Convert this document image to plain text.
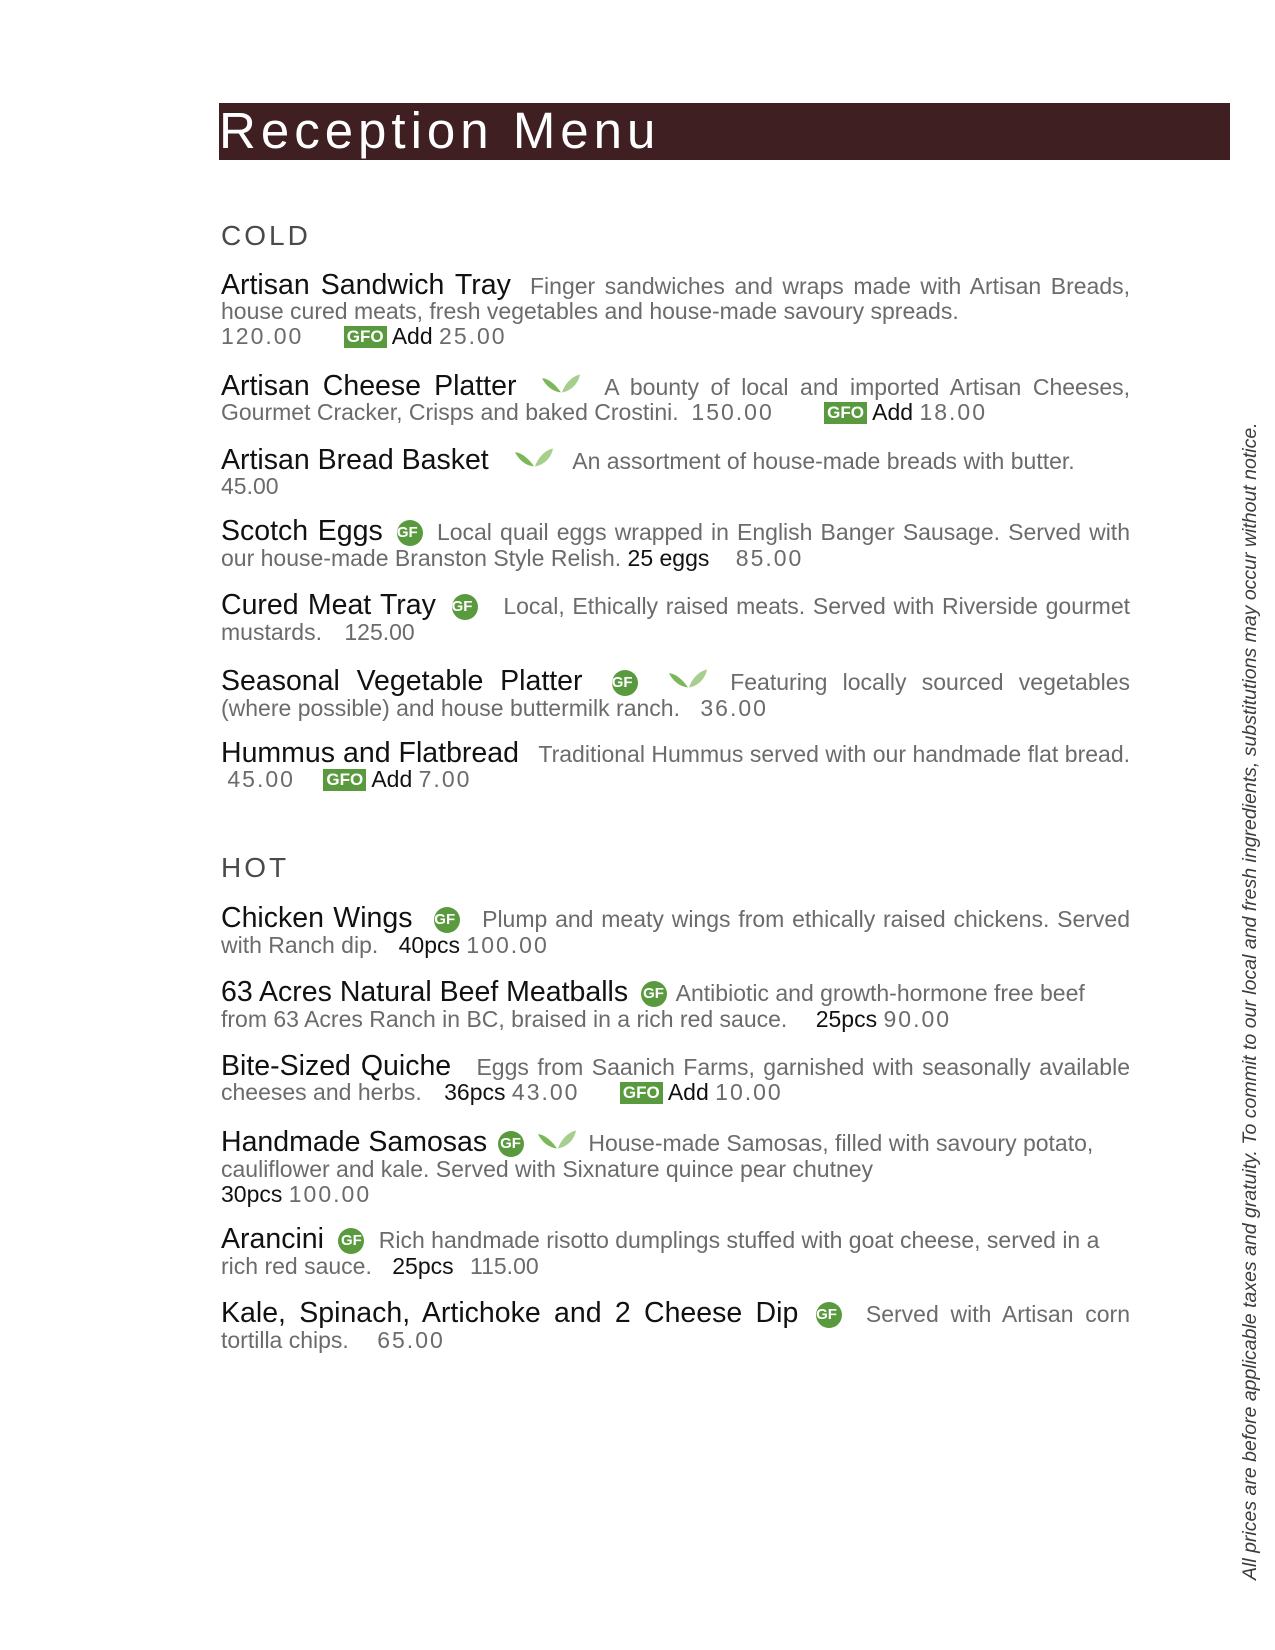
Reception Menu
COLD
Artisan Sandwich Tray Finger sandwiches and wraps made with Artisan Breads, house cured meats, fresh vegetables and house-made savoury spreads.
120.00	GFO Add 25.00
Artisan Cheese Platter	A bounty of local and imported Artisan Cheeses, Gourmet Cracker, Crisps and baked Crostini. 150.00	GFO Add 18.00
Artisan Bread Basket	An assortment of house-made breads with butter.
45.00
Scotch Eggs GF Local quail eggs wrapped in English Banger Sausage. Served with our house-made Branston Style Relish. 25 eggs 85.00
Cured Meat Tray GF Local, Ethically raised meats. Served with Riverside gourmet mustards. 125.00
Seasonal Vegetable Platter GF	Featuring locally sourced vegetables (where possible) and house buttermilk ranch. 36.00
Hummus and Flatbread Traditional Hummus served with our handmade flat bread.  45.00 GFO Add 7.00
HOT
Chicken Wings GF Plump and meaty wings from ethically raised chickens. Served with Ranch dip. 40pcs 100.00
63 Acres Natural Beef Meatballs GF Antibiotic and growth-hormone free beef from 63 Acres Ranch in BC, braised in a rich red sauce. 25pcs 90.00
Bite-Sized Quiche Eggs from Saanich Farms, garnished with seasonally available cheeses and herbs. 36pcs 43.00	GFO Add 10.00
Handmade Samosas GF	House-made Samosas, filled with savoury potato, cauliflower and kale. Served with Sixnature quince pear chutney
30pcs 100.00
Arancini GF Rich handmade risotto dumplings stuffed with goat cheese, served in a rich red sauce. 25pcs 115.00
Kale, Spinach, Artichoke and 2 Cheese Dip GF Served with Artisan corn tortilla chips. 65.00	All prices are before applicable taxes and gratuity. To commit to our local and fresh ingredients, substitutions may occur without notice.
